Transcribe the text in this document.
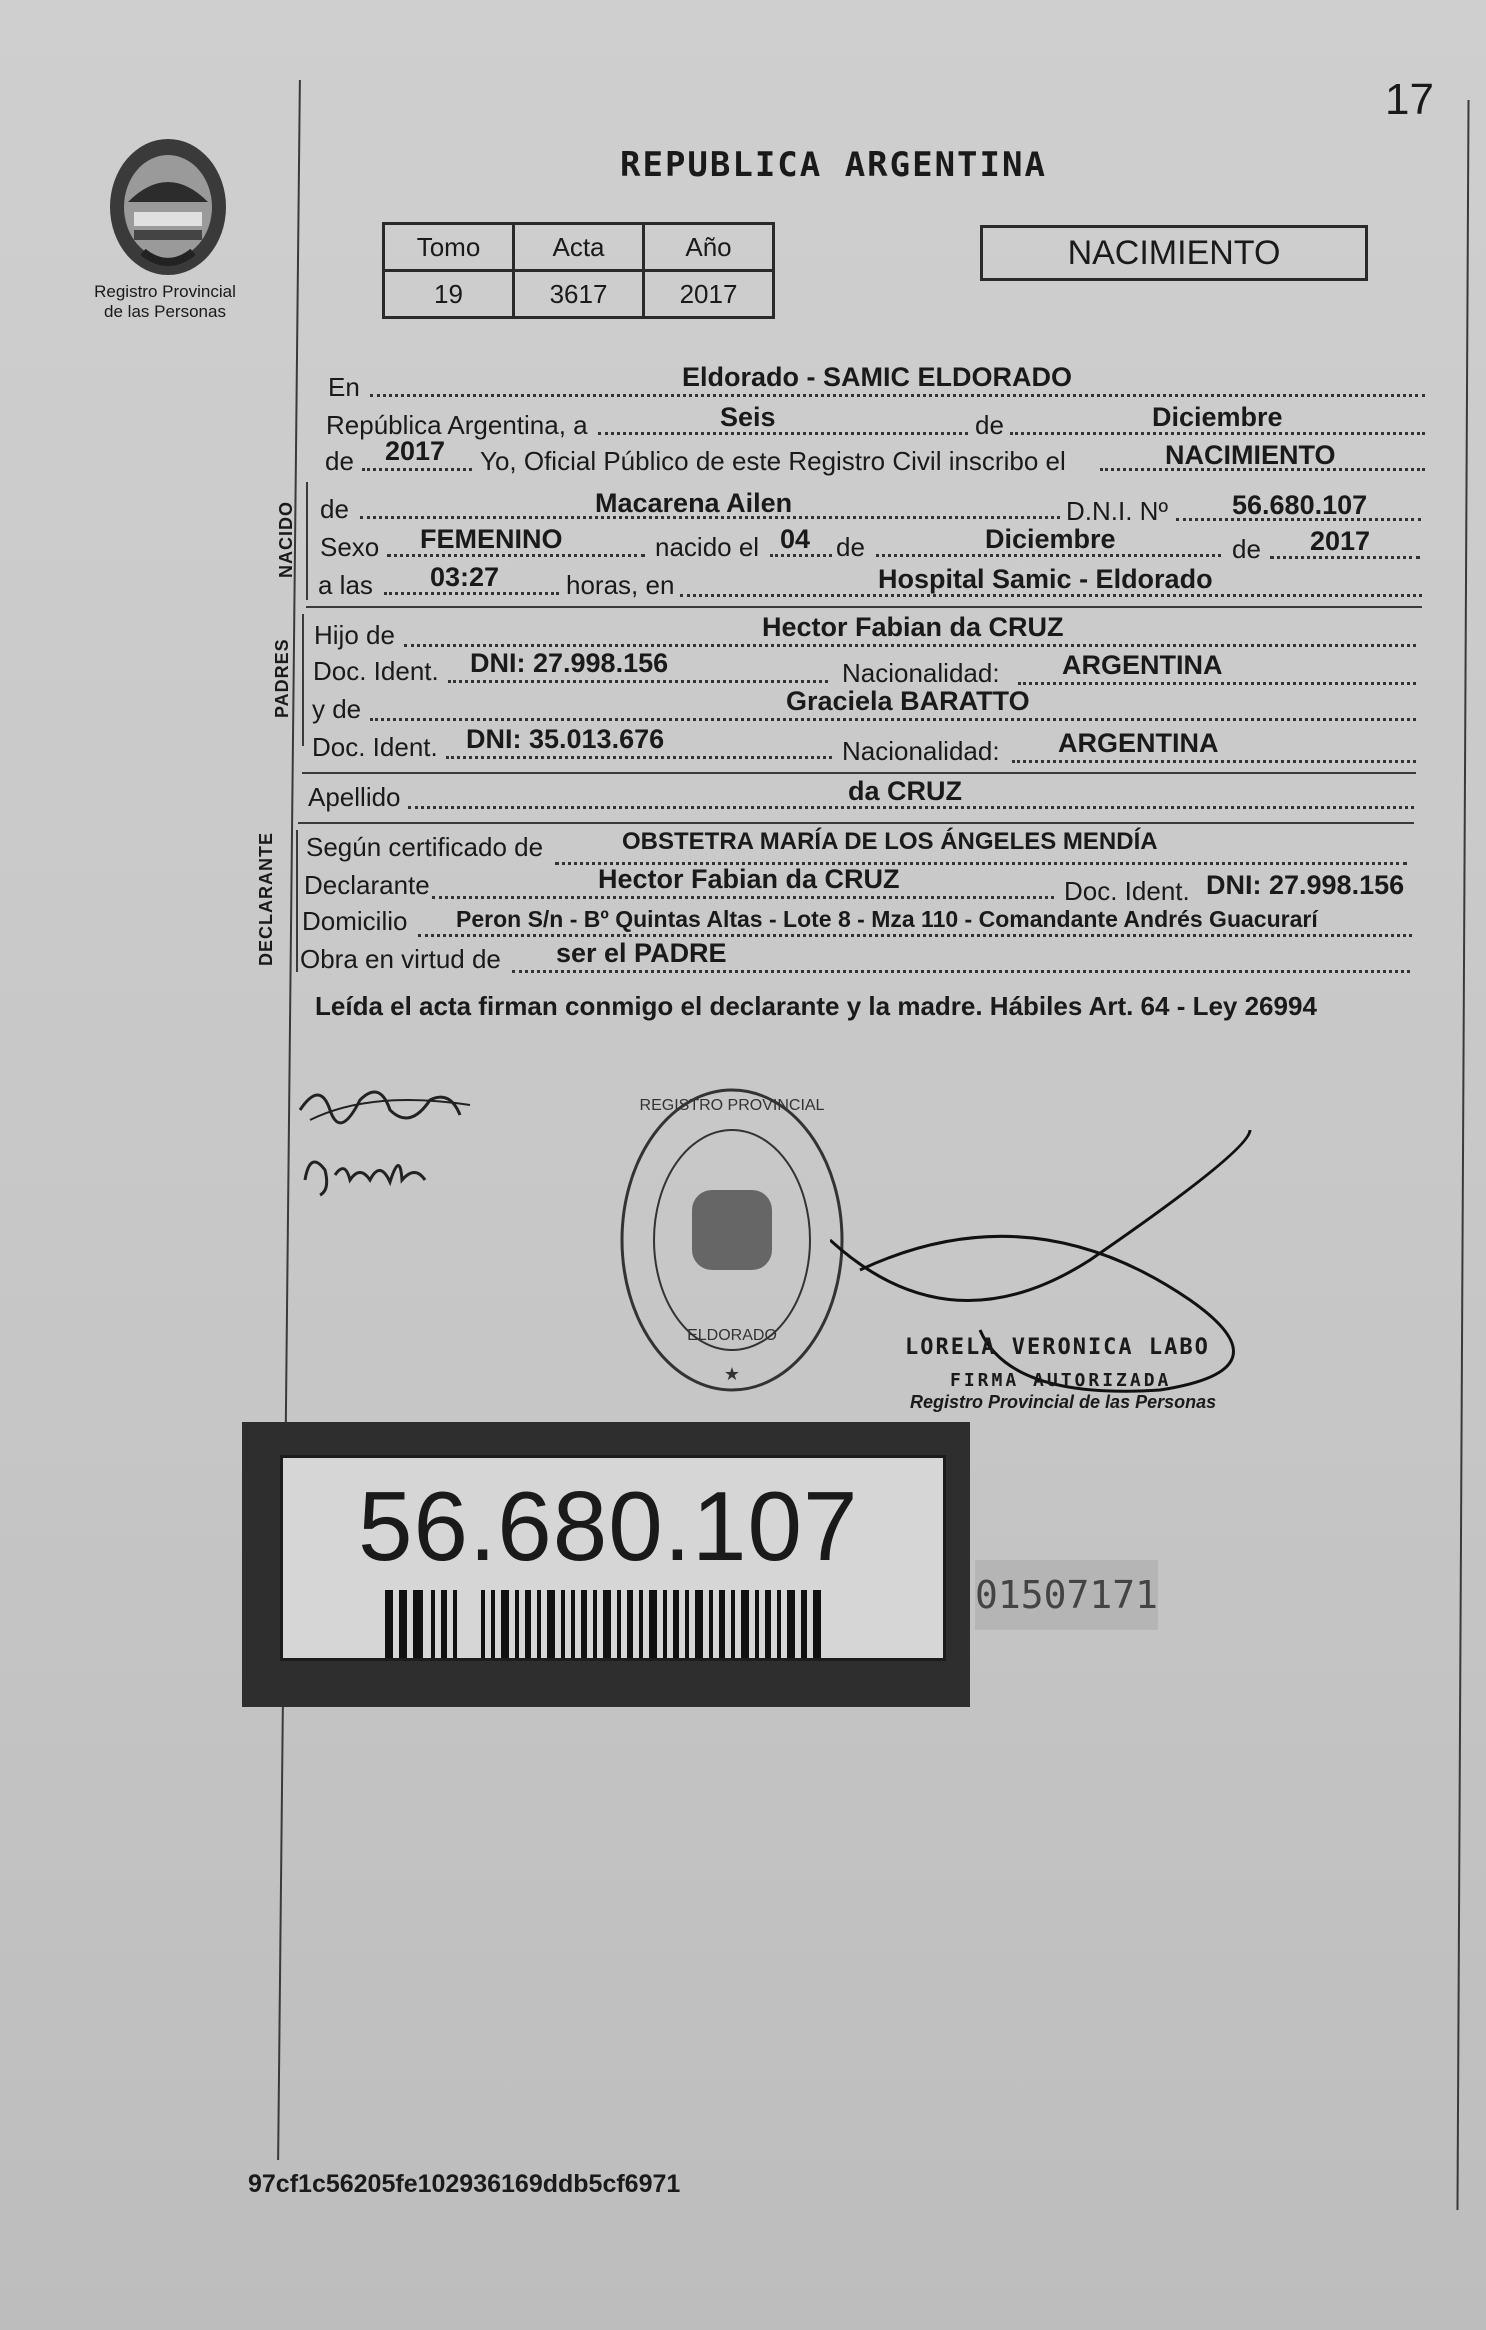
17
REPUBLICA ARGENTINA
Registro Provincial
de las Personas
Tomo	Acta	Año
19	3617	2017
NACIMIENTO
En	Eldorado - SAMIC ELDORADO
República Argentina, a	Seis	de	Diciembre
de 2017 Yo, Oficial Público de este Registro Civil inscribo el	NACIMIENTO
NACIDO de	Macarena Ailen	D.N.I. Nº 56.680.107
Sexo FEMENINO	nacido el 04 de	Diciembre	de 2017
a las 03:27	horas, en	Hospital Samic - Eldorado
PADRES
Hijo de	Hector Fabian da CRUZ
Doc. Ident. DNI: 27.998.156	Nacionalidad: ARGENTINA
y de	Graciela BARATTO
Doc. Ident. DNI: 35.013.676	Nacionalidad: ARGENTINA
Apellido	da CRUZ
DECLARANTE Según certificado de	OBSTETRA MARÍA DE LOS ÁNGELES MENDÍA
Declarante	Hector Fabian da CRUZ	Doc. Ident. DNI: 27.998.156
Domicilio Peron S/n - Bº Quintas Altas - Lote 8 - Mza 110 - Comandante Andrés Guacurarí
Obra en virtud de ser el PADRE
Leída el acta firman conmigo el declarante y la madre. Hábiles Art. 64 - Ley 26994
REGISTRO PROVINCIAL
ELDORADO
★
LORELA VERONICA LABO
FIRMA AUTORIZADA
Registro Provincial de las Personas
56.680.107
01507171
97cf1c56205fe102936169ddb5cf6971
